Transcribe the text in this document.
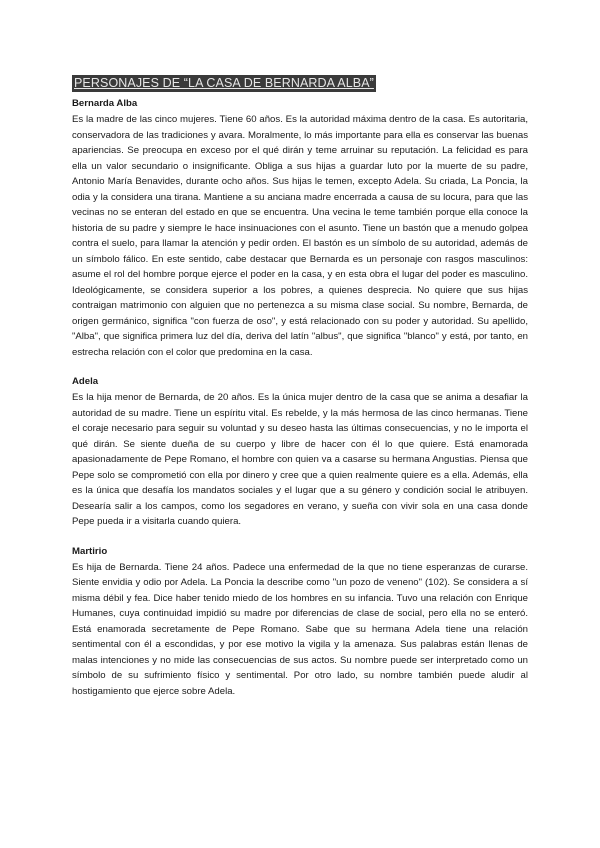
PERSONAJES DE “LA CASA DE BERNARDA ALBA”
Bernarda Alba

Es la madre de las cinco mujeres. Tiene 60 años. Es la autoridad máxima dentro de la casa. Es autoritaria, conservadora de las tradiciones y avara. Moralmente, lo más importante para ella es conservar las buenas apariencias. Se preocupa en exceso por el qué dirán y teme arruinar su reputación. La felicidad es para ella un valor secundario o insignificante. Obliga a sus hijas a guardar luto por la muerte de su padre, Antonio María Benavides, durante ocho años. Sus hijas le temen, excepto Adela. Su criada, La Poncia, la odia y la considera una tirana. Mantiene a su anciana madre encerrada a causa de su locura, para que las vecinas no se enteran del estado en que se encuentra. Una vecina le teme también porque ella conoce la historia de su padre y siempre le hace insinuaciones con el asunto. Tiene un bastón que a menudo golpea contra el suelo, para llamar la atención y pedir orden. El bastón es un símbolo de su autoridad, además de un símbolo fálico. En este sentido, cabe destacar que Bernarda es un personaje con rasgos masculinos: asume el rol del hombre porque ejerce el poder en la casa, y en esta obra el lugar del poder es masculino. Ideológicamente, se considera superior a los pobres, a quienes desprecia. No quiere que sus hijas contraigan matrimonio con alguien que no pertenezca a su misma clase social. Su nombre, Bernarda, de origen germánico, significa "con fuerza de oso", y está relacionado con su poder y autoridad. Su apellido, "Alba", que significa primera luz del día, deriva del latín "albus", que significa "blanco" y está, por tanto, en estrecha relación con el color que predomina en la casa.

Adela

Es la hija menor de Bernarda, de 20 años. Es la única mujer dentro de la casa que se anima a desafiar la autoridad de su madre. Tiene un espíritu vital. Es rebelde, y la más hermosa de las cinco hermanas. Tiene el coraje necesario para seguir su voluntad y su deseo hasta las últimas consecuencias, y no le importa el qué dirán. Se siente dueña de su cuerpo y libre de hacer con él lo que quiere. Está enamorada apasionadamente de Pepe Romano, el hombre con quien va a casarse su hermana Angustias. Piensa que Pepe solo se comprometió con ella por dinero y cree que a quien realmente quiere es a ella. Además, ella es la única que desafía los mandatos sociales y el lugar que a su género y condición social le atribuyen. Desearía salir a los campos, como los segadores en verano, y sueña con vivir sola en una casa donde Pepe pueda ir a visitarla cuando quiera.

Martirio

Es hija de Bernarda. Tiene 24 años. Padece una enfermedad de la que no tiene esperanzas de curarse. Siente envidia y odio por Adela. La Poncia la describe como "un pozo de veneno" (102). Se considera a sí misma débil y fea. Dice haber tenido miedo de los hombres en su infancia. Tuvo una relación con Enrique Humanes, cuya continuidad impidió su madre por diferencias de clase de social, pero ella no se enteró. Está enamorada secretamente de Pepe Romano. Sabe que su hermana Adela tiene una relación sentimental con él a escondidas, y por ese motivo la vigila y la amenaza. Sus palabras están llenas de malas intenciones y no mide las consecuencias de sus actos. Su nombre puede ser interpretado como un símbolo de su sufrimiento físico y sentimental. Por otro lado, su nombre también puede aludir al hostigamiento que ejerce sobre Adela.
